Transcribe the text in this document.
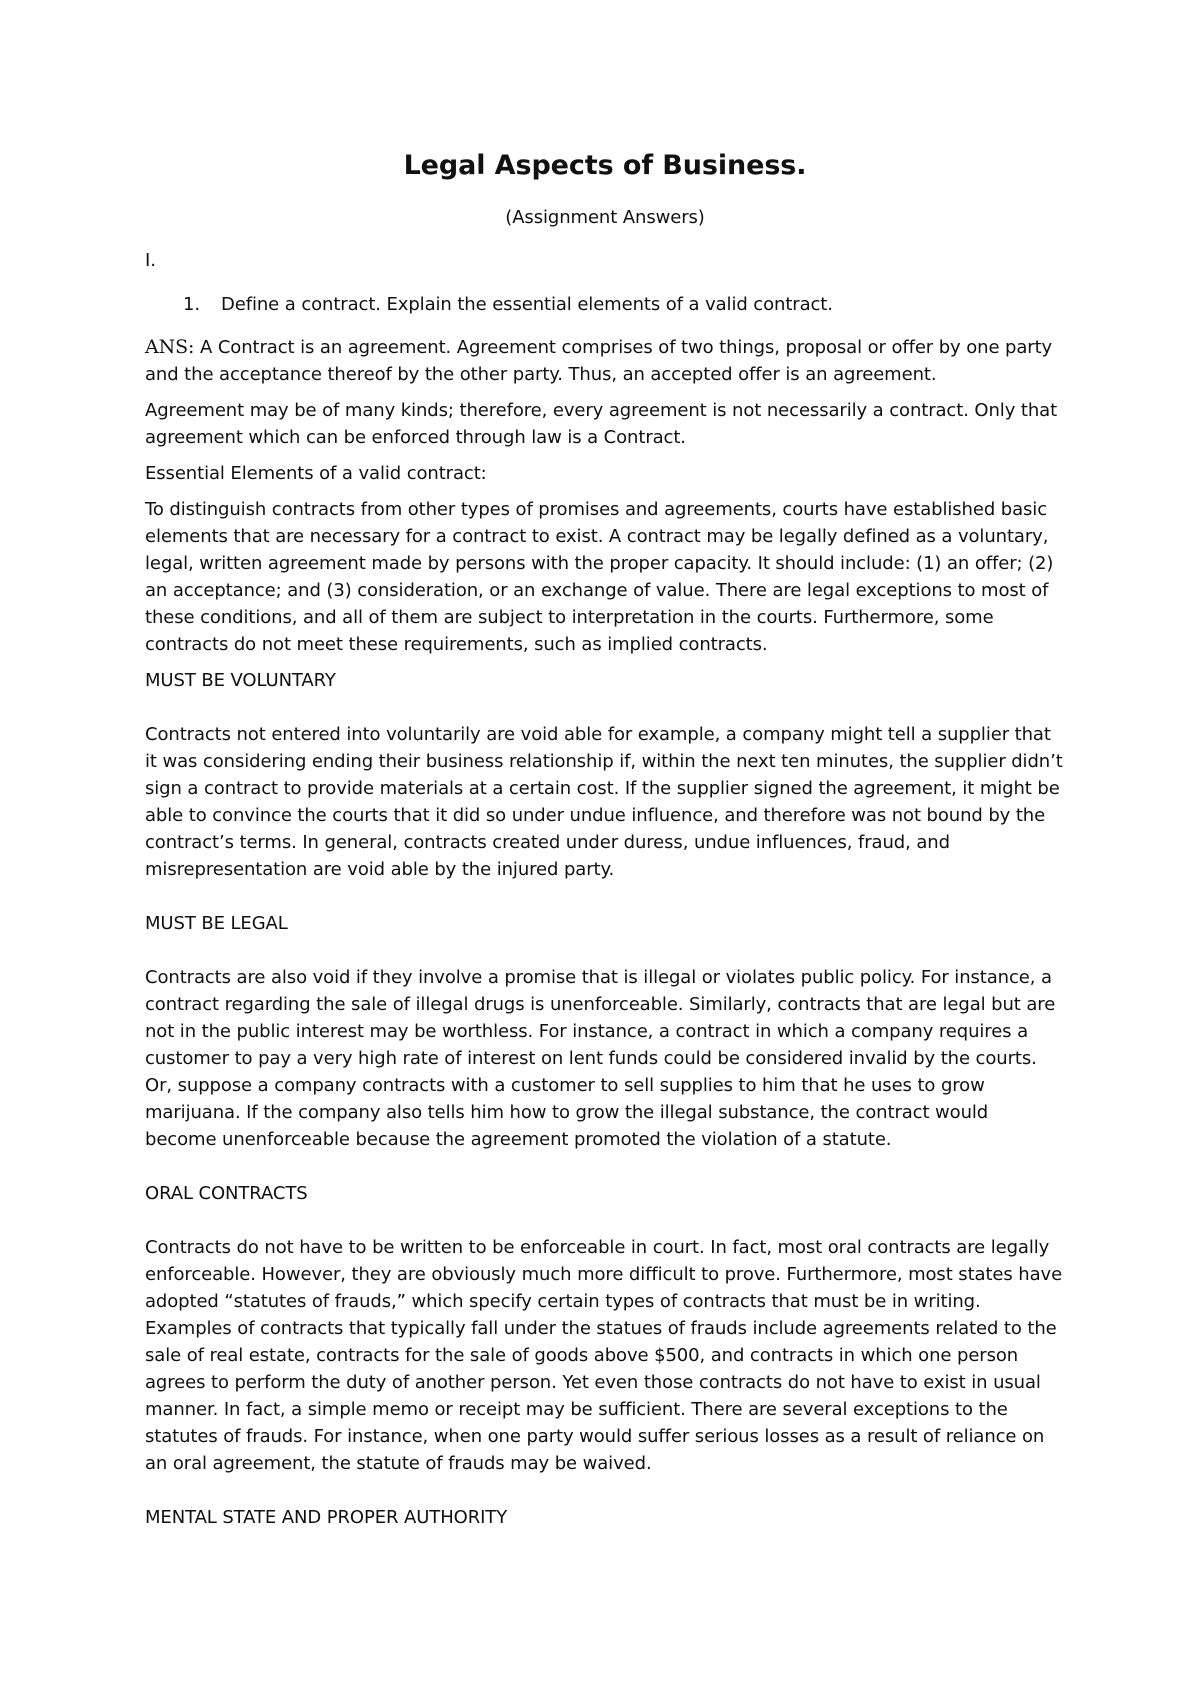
Legal Aspects of Business.
(Assignment Answers)
I.
1.	Define a contract. Explain the essential elements of a valid contract.

ANS: A Contract is an agreement. Agreement comprises of two things, proposal or offer by one party and the acceptance thereof by the other party. Thus, an accepted offer is an agreement.

Agreement may be of many kinds; therefore, every agreement is not necessarily a contract. Only that agreement which can be enforced through law is a Contract.

Essential Elements of a valid contract:

To distinguish contracts from other types of promises and agreements, courts have established basic elements that are necessary for a contract to exist. A contract may be legally defined as a voluntary, legal, written agreement made by persons with the proper capacity. It should include: (1) an offer; (2) an acceptance; and (3) consideration, or an exchange of value. There are legal exceptions to most of these conditions, and all of them are subject to interpretation in the courts. Furthermore, some contracts do not meet these requirements, such as implied contracts.

MUST BE VOLUNTARY

Contracts not entered into voluntarily are void able for example, a company might tell a supplier that it was considering ending their business relationship if, within the next ten minutes, the supplier didn’t sign a contract to provide materials at a certain cost. If the supplier signed the agreement, it might be able to convince the courts that it did so under undue influence, and therefore was not bound by the contract’s terms. In general, contracts created under duress, undue influences, fraud, and misrepresentation are void able by the injured party.

MUST BE LEGAL

Contracts are also void if they involve a promise that is illegal or violates public policy. For instance, a contract regarding the sale of illegal drugs is unenforceable. Similarly, contracts that are legal but are not in the public interest may be worthless. For instance, a contract in which a company requires a customer to pay a very high rate of interest on lent funds could be considered invalid by the courts. Or, suppose a company contracts with a customer to sell supplies to him that he uses to grow marijuana. If the company also tells him how to grow the illegal substance, the contract would become unenforceable because the agreement promoted the violation of a statute.

ORAL CONTRACTS

Contracts do not have to be written to be enforceable in court. In fact, most oral contracts are legally enforceable. However, they are obviously much more difficult to prove. Furthermore, most states have adopted “statutes of frauds,” which specify certain types of contracts that must be in writing. Examples of contracts that typically fall under the statues of frauds include agreements related to the sale of real estate, contracts for the sale of goods above $500, and contracts in which one person agrees to perform the duty of another person. Yet even those contracts do not have to exist in usual manner. In fact, a simple memo or receipt may be sufficient. There are several exceptions to the statutes of frauds. For instance, when one party would suffer serious losses as a result of reliance on an oral agreement, the statute of frauds may be waived.

MENTAL STATE AND PROPER AUTHORITY
